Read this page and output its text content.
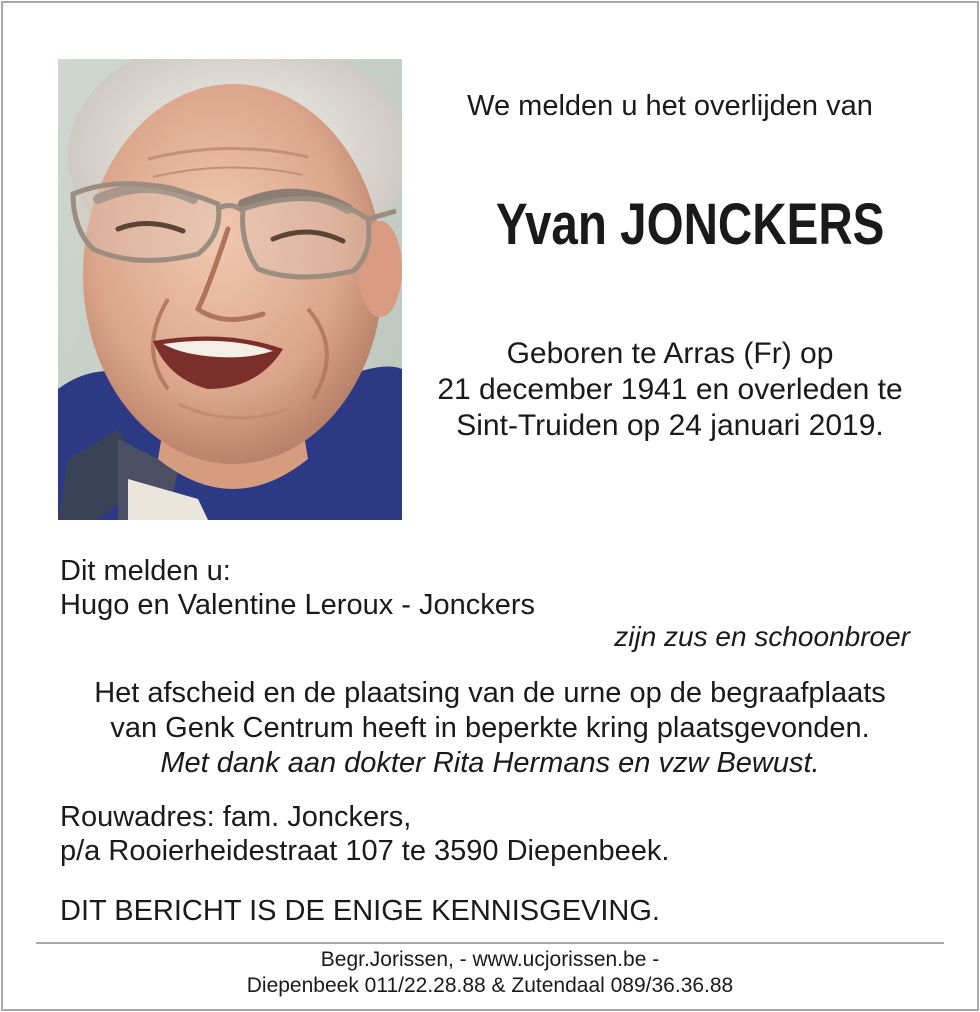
We melden u het overlijden van
Yvan JONCKERS
Geboren te Arras (Fr) op
21 december 1941 en overleden te
Sint-Truiden op 24 januari 2019.
Dit melden u:
Hugo en Valentine Leroux - Jonckers
zijn zus en schoonbroer
Het afscheid en de plaatsing van de urne op de begraafplaats
van Genk Centrum heeft in beperkte kring plaatsgevonden.
Met dank aan dokter Rita Hermans en vzw Bewust.
Rouwadres: fam. Jonckers,
p/a Rooierheidestraat 107 te 3590 Diepenbeek.
DIT BERICHT IS DE ENIGE KENNISGEVING.
Begr.Jorissen, - www.ucjorissen.be -
Diepenbeek 011/22.28.88 & Zutendaal 089/36.36.88
